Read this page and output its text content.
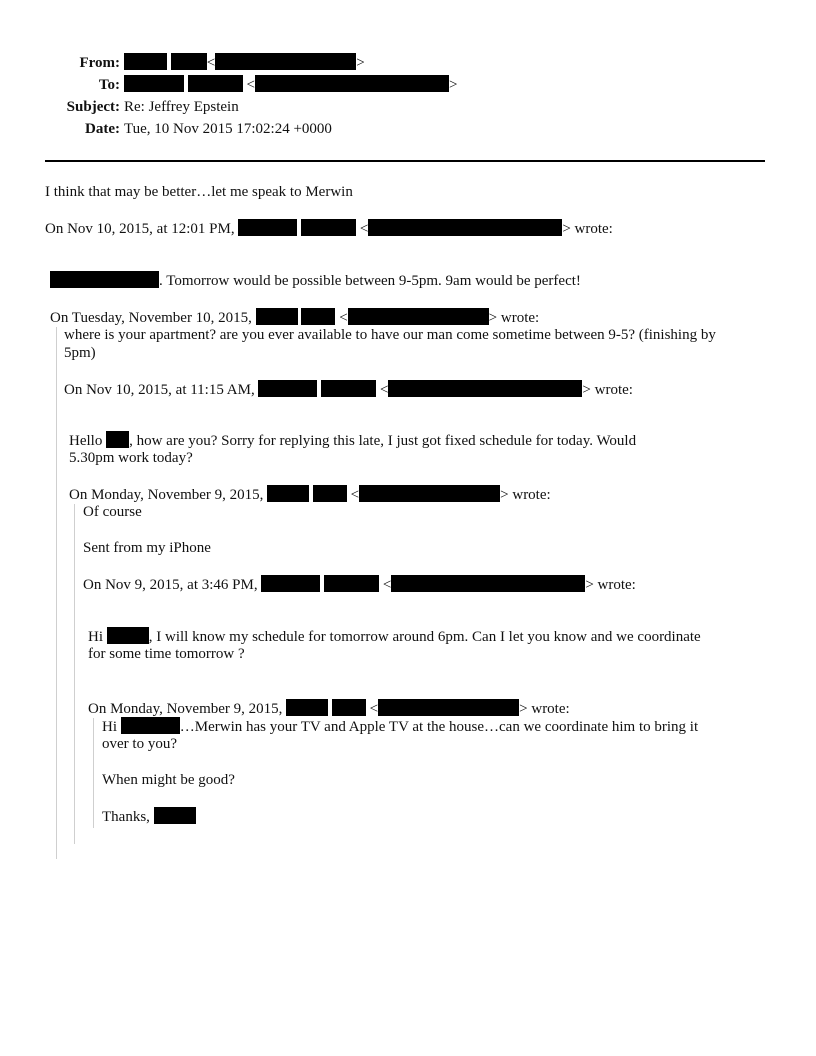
From:	<	>
To:	<	>
Subject: Re: Jeffrey Epstein
Date: Tue, 10 Nov 2015 17:02:24 +0000
I think that may be better…let me speak to Merwin
On Nov 10, 2015, at 12:01 PM,	<	> wrote:
. Tomorrow would be possible between 9-5pm. 9am would be perfect!
On Tuesday, November 10, 2015,	<	> wrote:
where is your apartment? are you ever available to have our man come sometime between 9-5? (finishing by
5pm)
On Nov 10, 2015, at 11:15 AM,	<	> wrote:
Hello , how are you? Sorry for replying this late, I just got fixed schedule for today. Would
5.30pm work today?
On Monday, November 9, 2015,	<	> wrote:
Of course
Sent from my iPhone
On Nov 9, 2015, at 3:46 PM,	<	> wrote:
Hi	, I will know my schedule for tomorrow around 6pm. Can I let you know and we coordinate
for some time tomorrow ?
On Monday, November 9, 2015,	<	> wrote:
Hi	…Merwin has your TV and Apple TV at the house…can we coordinate him to bring it
over to you?
When might be good?
Thanks,
